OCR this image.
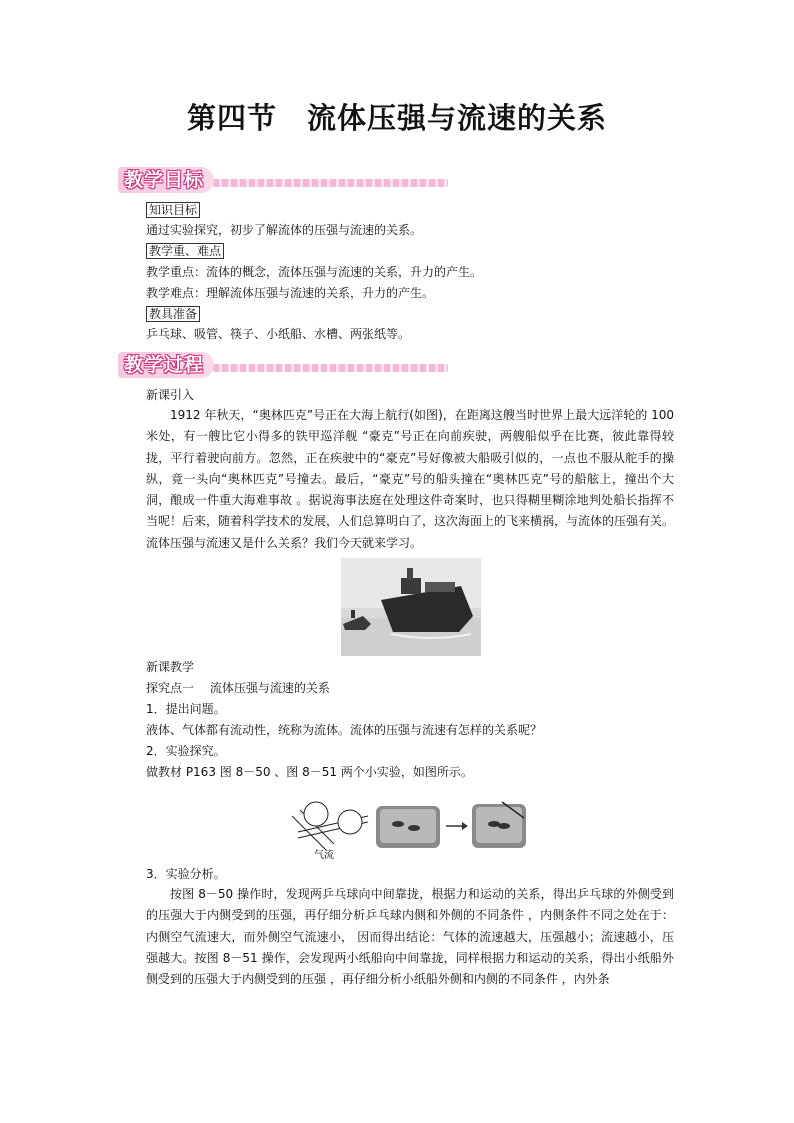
第四节 流体压强与流速的关系
教学目标
知识目标
通过实验探究，初步了解流体的压强与流速的关系。
教学重、难点
教学重点：流体的概念，流体压强与流速的关系，升力的产生。
教学难点：理解流体压强与流速的关系，升力的产生。
教具准备
乒乓球、吸管、筷子、小纸船、水槽、两张纸等。
教学过程
新课引入
1912 年秋天，“奥林匹克”号正在大海上航行(如图)，在距离这艘当时世界上最大远洋轮的 100 米处，有一艘比它小得多的铁甲巡洋舰 “豪克”号正在向前疾驶，两艘船似乎在比赛，彼此靠得较拢，平行着驶向前方。忽然，正在疾驶中的“豪克”号好像被大船吸引似的，一点也不服从舵手的操纵，竟一头向“奥林匹克”号撞去。最后，“豪克”号的船头撞在“奥林匹克”号的船舷上，撞出个大洞，酿成一件重大海难事故 。据说海事法庭在处理这件奇案时，也只得糊里糊涂地判处船长指挥不当呢！后来，随着科学技术的发展，人们总算明白了，这次海面上的飞来横祸，与流体的压强有关。流体压强与流速又是什么关系？我们今天就来学习。
新课教学
探究点一　 流体压强与流速的关系
1．提出问题。
液体、气体都有流动性，统称为流体。流体的压强与流速有怎样的关系呢？
2．实验探究。
做教材 P163 图 8－50 、图 8－51 两个小实验，如图所示。
气流
3．实验分析。
按图 8－50 操作时，发现两乒乓球向中间靠拢，根据力和运动的关系，得出乒乓球的外侧受到的压强大于内侧受到的压强，再仔细分析乒乓球内侧和外侧的不同条件 ，内侧条件不同之处在于：内侧空气流速大，而外侧空气流速小， 因而得出结论：气体的流速越大，压强越小；流速越小，压强越大。按图 8－51 操作，会发现两小纸船向中间靠拢，同样根据力和运动的关系，得出小纸船外侧受到的压强大于内侧受到的压强 ，再仔细分析小纸船外侧和内侧的不同条件 ，内外条
